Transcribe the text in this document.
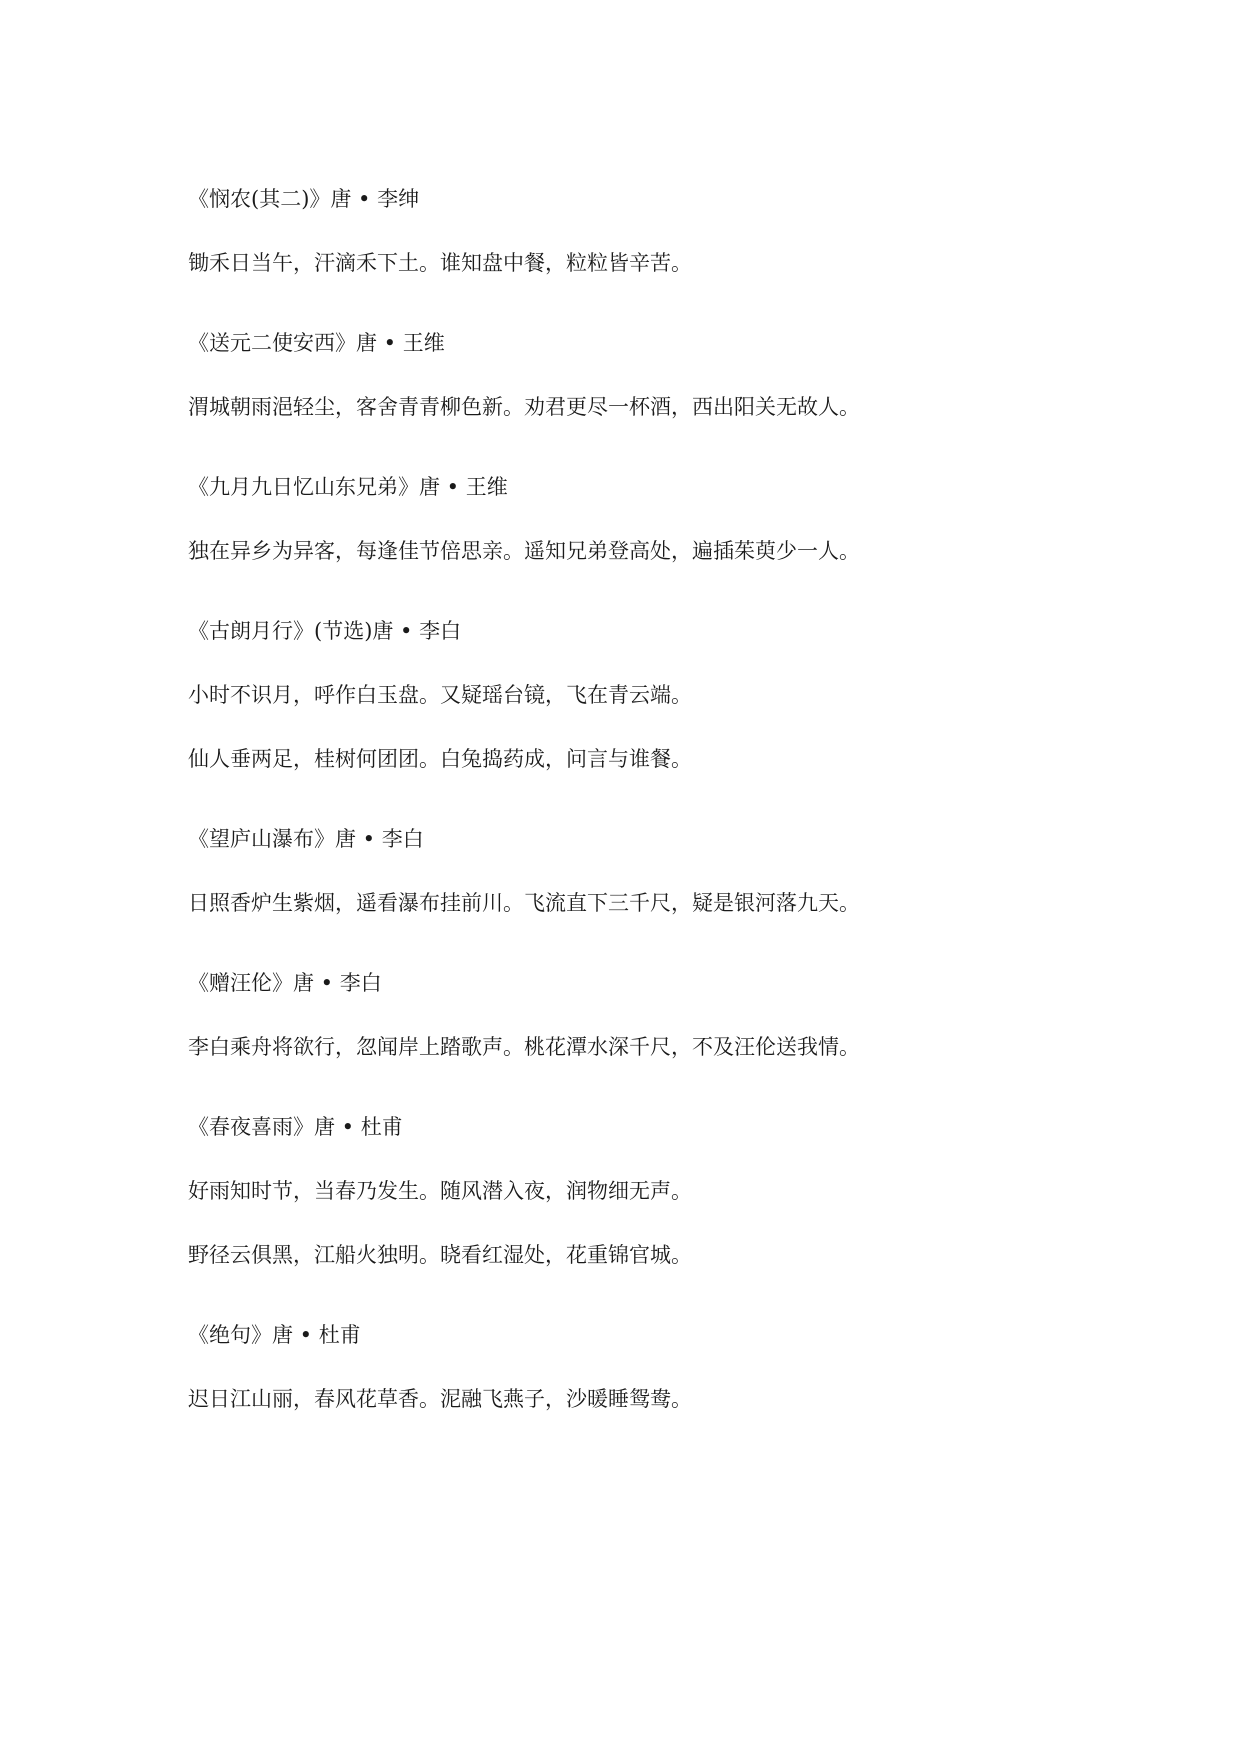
《悯农(其二)》唐 • 李绅
锄禾日当午，汗滴禾下土。谁知盘中餐，粒粒皆辛苦。
《送元二使安西》唐 • 王维
渭城朝雨浥轻尘，客舍青青柳色新。劝君更尽一杯酒，西出阳关无故人。
《九月九日忆山东兄弟》唐 • 王维
独在异乡为异客，每逢佳节倍思亲。遥知兄弟登高处，遍插茱萸少一人。
《古朗月行》(节选)唐 • 李白
小时不识月，呼作白玉盘。又疑瑶台镜，飞在青云端。
仙人垂两足，桂树何团团。白兔捣药成，问言与谁餐。
《望庐山瀑布》唐 • 李白
日照香炉生紫烟，遥看瀑布挂前川。飞流直下三千尺，疑是银河落九天。
《赠汪伦》唐 • 李白
李白乘舟将欲行，忽闻岸上踏歌声。桃花潭水深千尺，不及汪伦送我情。
《春夜喜雨》唐 • 杜甫
好雨知时节，当春乃发生。随风潜入夜，润物细无声。
野径云俱黑，江船火独明。晓看红湿处，花重锦官城。
《绝句》唐 • 杜甫
迟日江山丽，春风花草香。泥融飞燕子，沙暖睡鸳鸯。
